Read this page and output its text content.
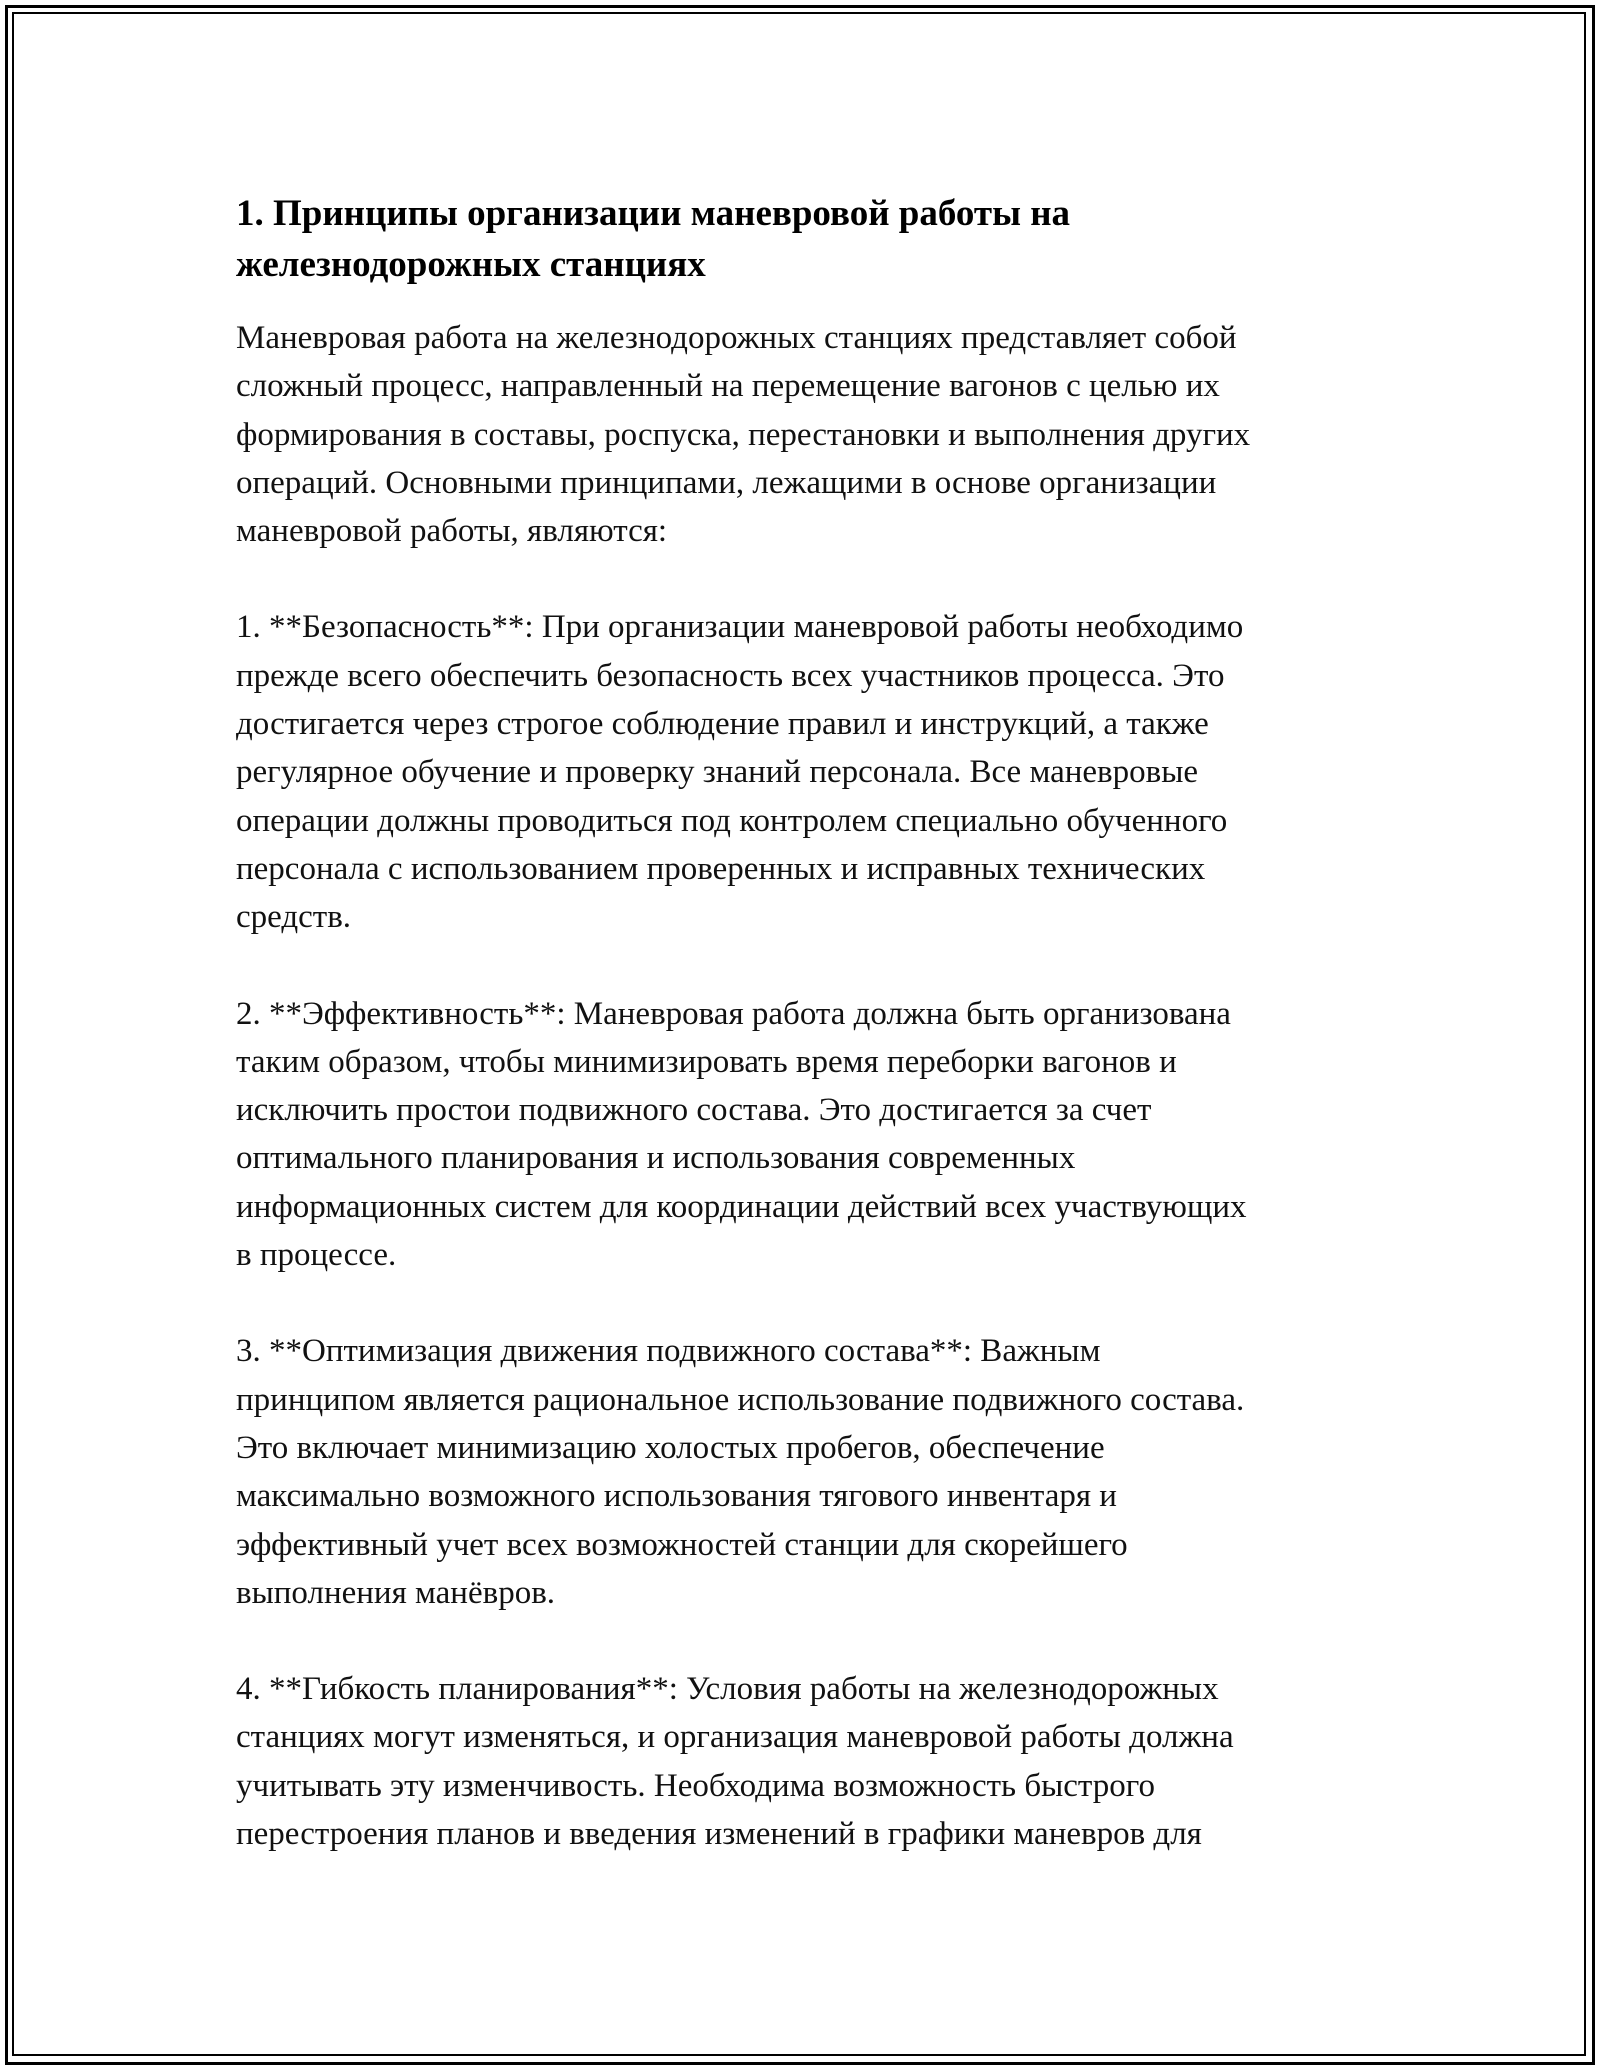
1. Принципы организации маневровой работы на
железнодорожных станциях

Маневровая работа на железнодорожных станциях представляет собой
сложный процесс, направленный на перемещение вагонов с целью их
формирования в составы, роспуска, перестановки и выполнения других
операций. Основными принципами, лежащими в основе организации
маневровой работы, являются:

1. **Безопасность**: При организации маневровой работы необходимо
прежде всего обеспечить безопасность всех участников процесса. Это
достигается через строгое соблюдение правил и инструкций, а также
регулярное обучение и проверку знаний персонала. Все маневровые
операции должны проводиться под контролем специально обученного
персонала с использованием проверенных и исправных технических
средств.

2. **Эффективность**: Маневровая работа должна быть организована
таким образом, чтобы минимизировать время переборки вагонов и
исключить простои подвижного состава. Это достигается за счет
оптимального планирования и использования современных
информационных систем для координации действий всех участвующих
в процессе.

3. **Оптимизация движения подвижного состава**: Важным
принципом является рациональное использование подвижного состава.
Это включает минимизацию холостых пробегов, обеспечение
максимально возможного использования тягового инвентаря и
эффективный учет всех возможностей станции для скорейшего
выполнения манёвров.

4. **Гибкость планирования**: Условия работы на железнодорожных
станциях могут изменяться, и организация маневровой работы должна
учитывать эту изменчивость. Необходима возможность быстрого
перестроения планов и введения изменений в графики маневров для
